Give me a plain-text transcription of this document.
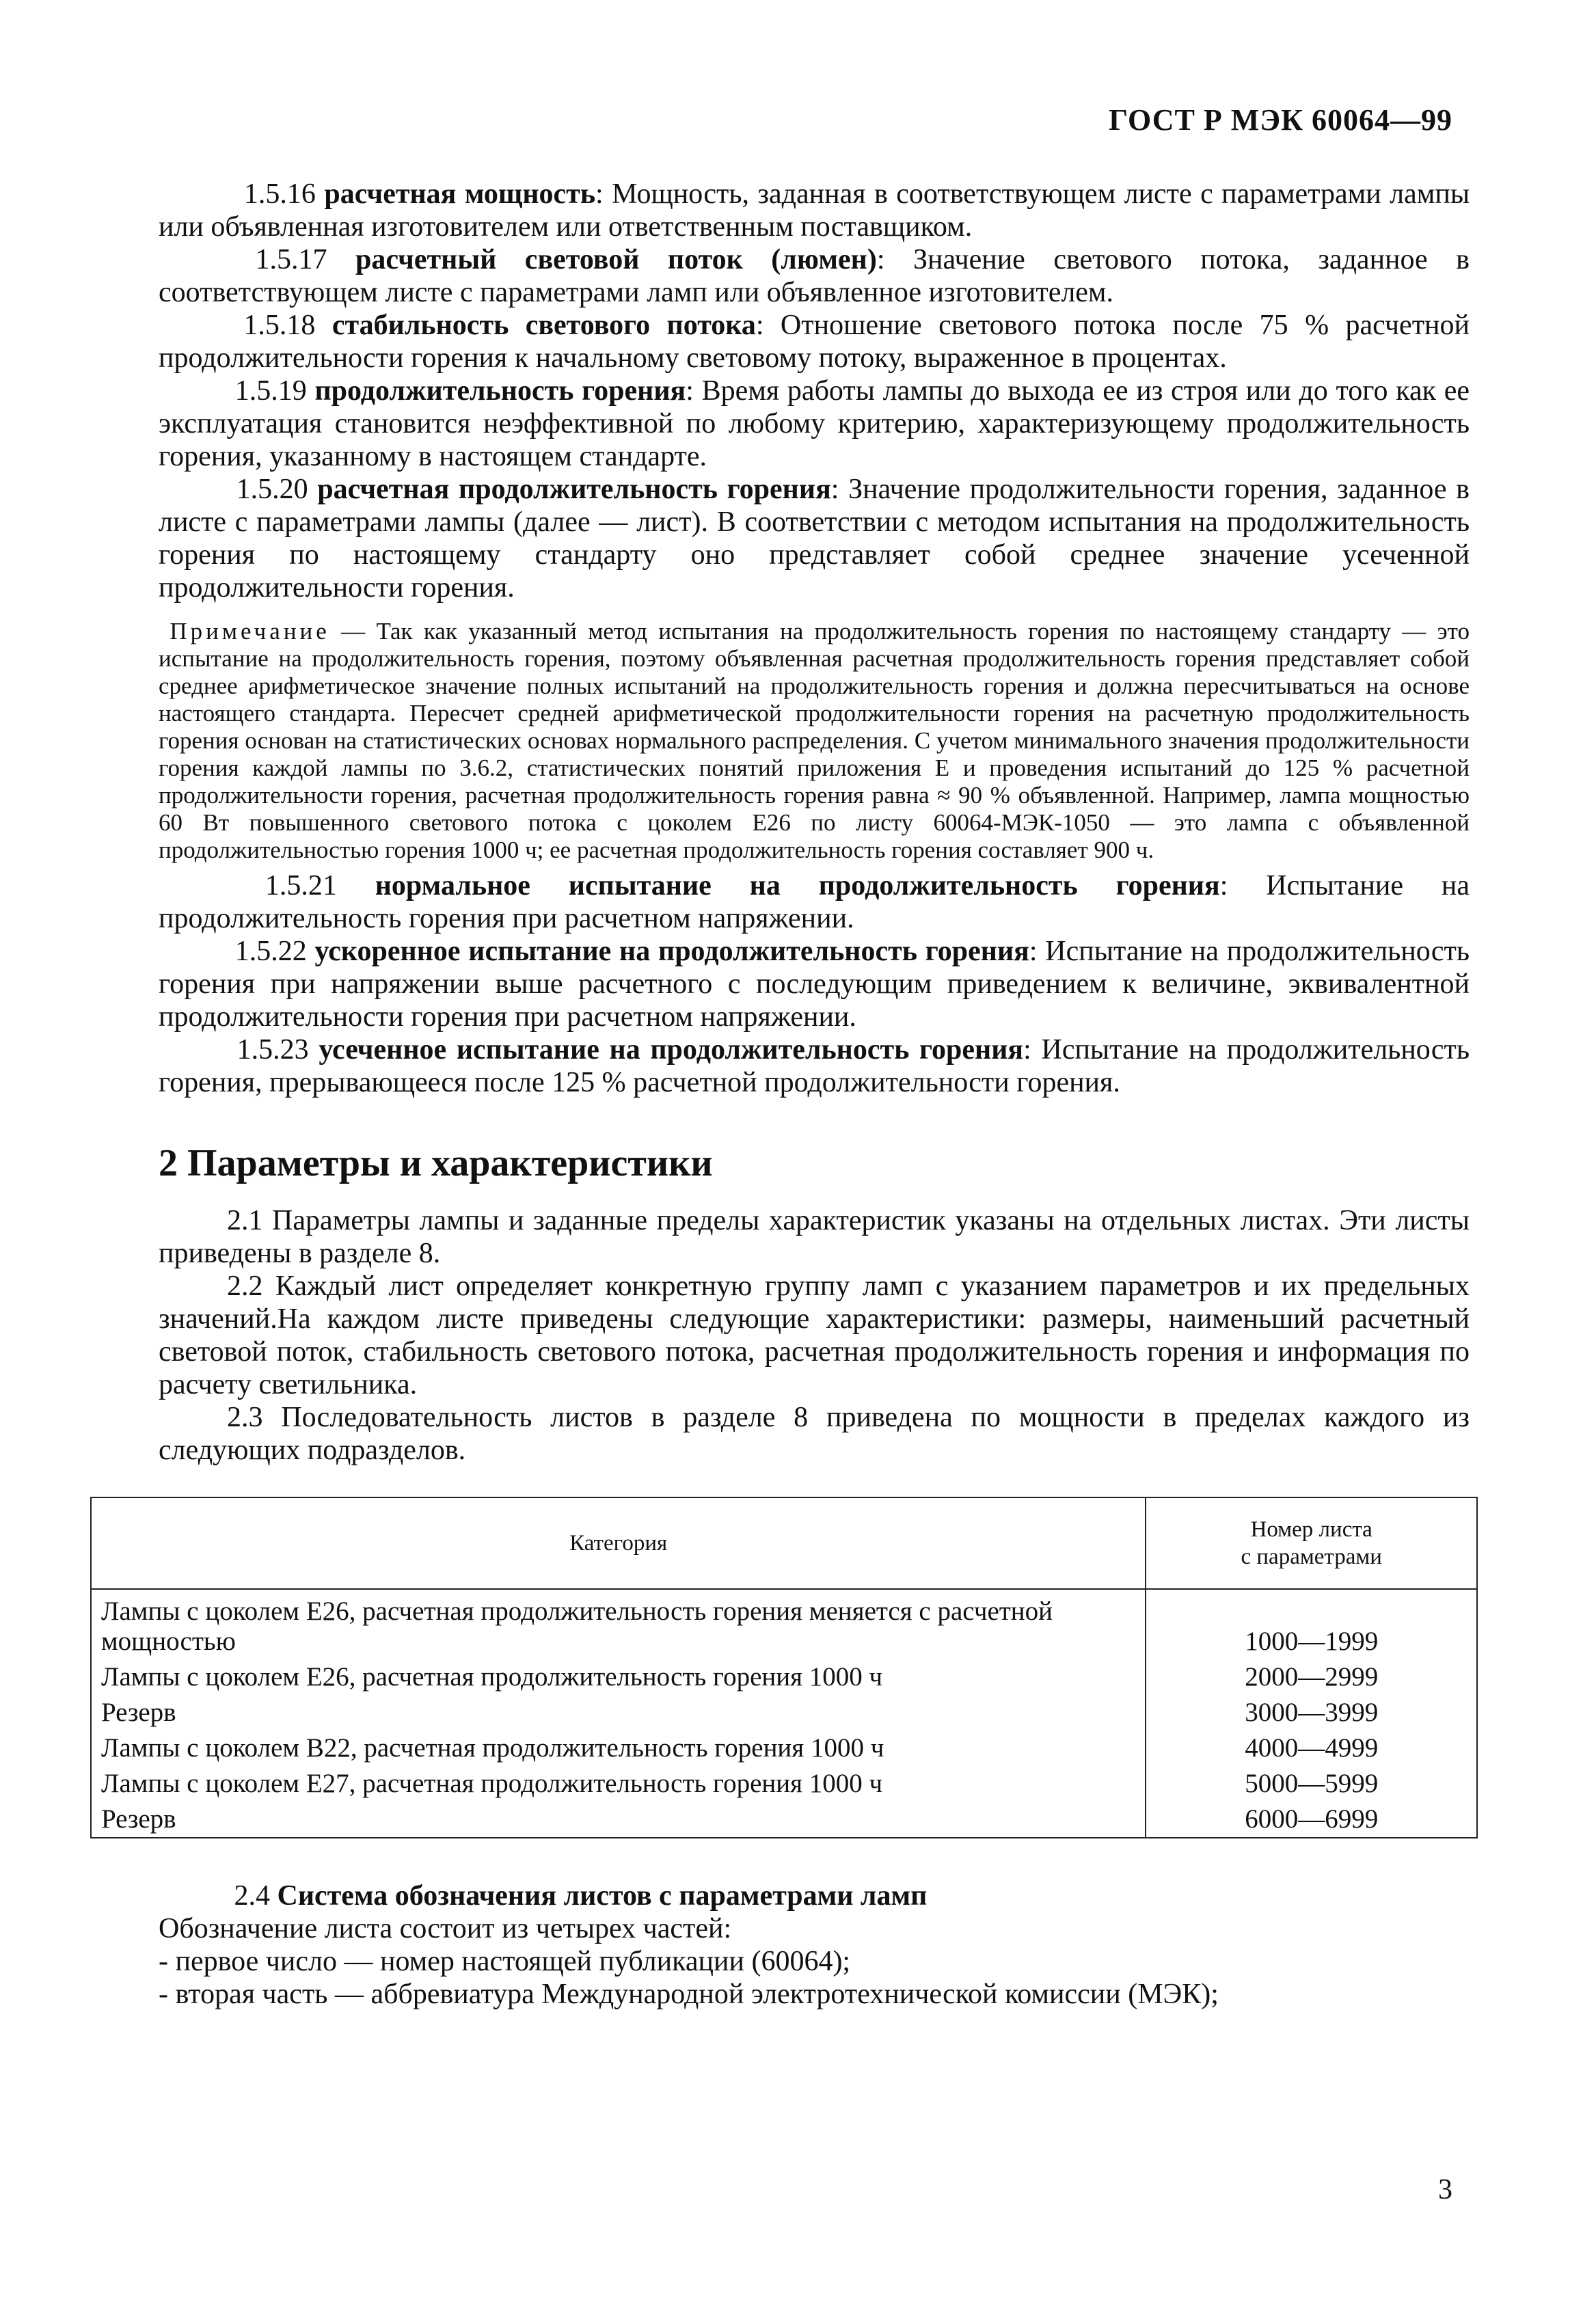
ГОСТ Р МЭК 60064—99

1.5.16 расчетная мощность: Мощность, заданная в соответствующем листе с параметрами лампы или объявленная изготовителем или ответственным поставщиком.

1.5.17 расчетный световой поток (люмен): Значение светового потока, заданное в соответствующем листе с параметрами ламп или объявленное изготовителем.

1.5.18 стабильность светового потока: Отношение светового потока после 75 % расчетной продолжительности горения к начальному световому потоку, выраженное в процентах.

1.5.19 продолжительность горения: Время работы лампы до выхода ее из строя или до того как ее эксплуатация становится неэффективной по любому критерию, характеризующему продолжительность горения, указанному в настоящем стандарте.

1.5.20 расчетная продолжительность горения: Значение продолжительности горения, заданное в листе с параметрами лампы (далее — лист). В соответствии с методом испытания на продолжительность горения по настоящему стандарту оно представляет собой среднее значение усеченной продолжительности горения.

Примечание — Так как указанный метод испытания на продолжительность горения по настоящему стандарту — это испытание на продолжительность горения, поэтому объявленная расчетная продолжительность горения представляет собой среднее арифметическое значение полных испытаний на продолжительность горения и должна пересчитываться на основе настоящего стандарта. Пересчет средней арифметической продолжительности горения на расчетную продолжительность горения основан на статистических основах нормального распределения. С учетом минимального значения продолжительности горения каждой лампы по 3.6.2, статистических понятий приложения Е и проведения испытаний до 125 % расчетной продолжительности горения, расчетная продолжительность горения равна ≈ 90 % объявленной. Например, лампа мощностью 60 Вт повышенного светового потока с цоколем Е26 по листу 60064-МЭК-1050 — это лампа с объявленной продолжительностью горения 1000 ч; ее расчетная продолжительность горения составляет 900 ч.

1.5.21 нормальное испытание на продолжительность горения: Испытание на продолжительность горения при расчетном напряжении.

1.5.22 ускоренное испытание на продолжительность горения: Испытание на продолжительность горения при напряжении выше расчетного с последующим приведением к величине, эквивалентной продолжительности горения при расчетном напряжении.

1.5.23 усеченное испытание на продолжительность горения: Испытание на продолжительность горения, прерывающееся после 125 % расчетной продолжительности горения.

2 Параметры и характеристики

2.1 Параметры лампы и заданные пределы характеристик указаны на отдельных листах. Эти листы приведены в разделе 8.

2.2 Каждый лист определяет конкретную группу ламп с указанием параметров и их предельных значений.На каждом листе приведены следующие характеристики: размеры, наименьший расчетный световой поток, стабильность светового потока, расчетная продолжительность горения и информация по расчету светильника.

2.3 Последовательность листов в разделе 8 приведена по мощности в пределах каждого из следующих подразделов.

Категория	Номер листа
с параметрами

Лампы с цоколем Е26, расчетная продолжительность горения меняется с расчетной мощностью	1000—1999
Лампы с цоколем Е26, расчетная продолжительность горения 1000 ч	2000—2999
Резерв	3000—3999
Лампы с цоколем В22, расчетная продолжительность горения 1000 ч	4000—4999
Лампы с цоколем Е27, расчетная продолжительность горения 1000 ч	5000—5999
Резерв	6000—6999

2.4 Система обозначения листов с параметрами ламп

Обозначение листа состоит из четырех частей:

- первое число — номер настоящей публикации (60064);

- вторая часть — аббревиатура Международной электротехнической комиссии (МЭК);

3
